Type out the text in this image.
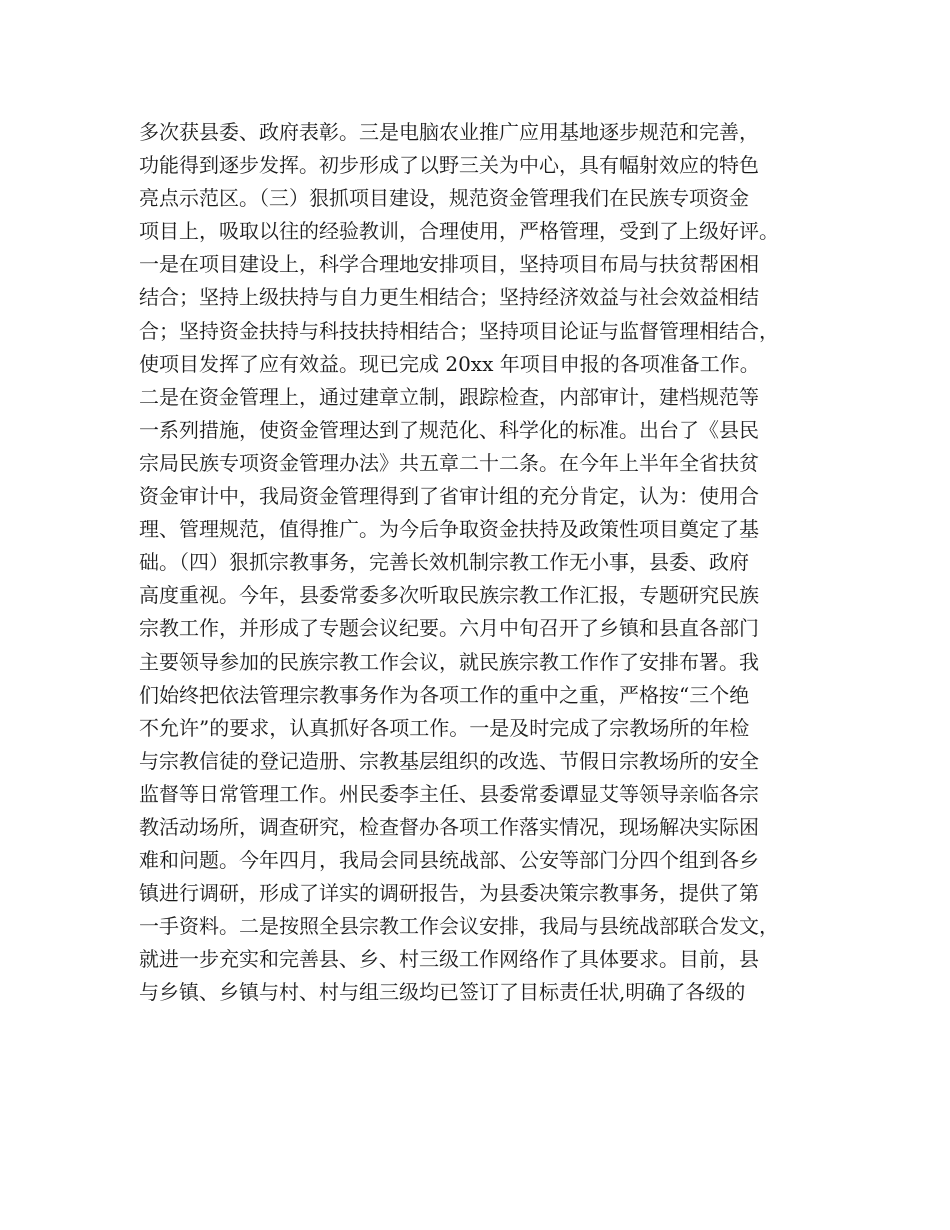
多次获县委、政府表彰。三是电脑农业推广应用基地逐步规范和完善，
功能得到逐步发挥。初步形成了以野三关为中心，具有幅射效应的特色
亮点示范区。（三）狠抓项目建设，规范资金管理我们在民族专项资金
项目上，吸取以往的经验教训，合理使用，严格管理，受到了上级好评。
一是在项目建设上，科学合理地安排项目，坚持项目布局与扶贫帮困相
结合；坚持上级扶持与自力更生相结合；坚持经济效益与社会效益相结
合；坚持资金扶持与科技扶持相结合；坚持项目论证与监督管理相结合，
使项目发挥了应有效益。现已完成 20xx 年项目申报的各项准备工作。
二是在资金管理上，通过建章立制，跟踪检查，内部审计，建档规范等
一系列措施，使资金管理达到了规范化、科学化的标准。出台了《县民
宗局民族专项资金管理办法》共五章二十二条。在今年上半年全省扶贫
资金审计中，我局资金管理得到了省审计组的充分肯定，认为：使用合
理、管理规范，值得推广。为今后争取资金扶持及政策性项目奠定了基
础。（四）狠抓宗教事务，完善长效机制宗教工作无小事，县委、政府
高度重视。今年，县委常委多次听取民族宗教工作汇报，专题研究民族
宗教工作，并形成了专题会议纪要。六月中旬召开了乡镇和县直各部门
主要领导参加的民族宗教工作会议，就民族宗教工作作了安排布署。我
们始终把依法管理宗教事务作为各项工作的重中之重，严格按“三个绝
不允许”的要求，认真抓好各项工作。一是及时完成了宗教场所的年检
与宗教信徒的登记造册、宗教基层组织的改选、节假日宗教场所的安全
监督等日常管理工作。州民委李主任、县委常委谭显艾等领导亲临各宗
教活动场所，调查研究，检查督办各项工作落实情况，现场解决实际困
难和问题。今年四月，我局会同县统战部、公安等部门分四个组到各乡
镇进行调研，形成了详实的调研报告，为县委决策宗教事务，提供了第
一手资料。二是按照全县宗教工作会议安排，我局与县统战部联合发文，
就进一步充实和完善县、乡、村三级工作网络作了具体要求。目前，县
与乡镇、乡镇与村、村与组三级均已签订了目标责任状,明确了各级的
